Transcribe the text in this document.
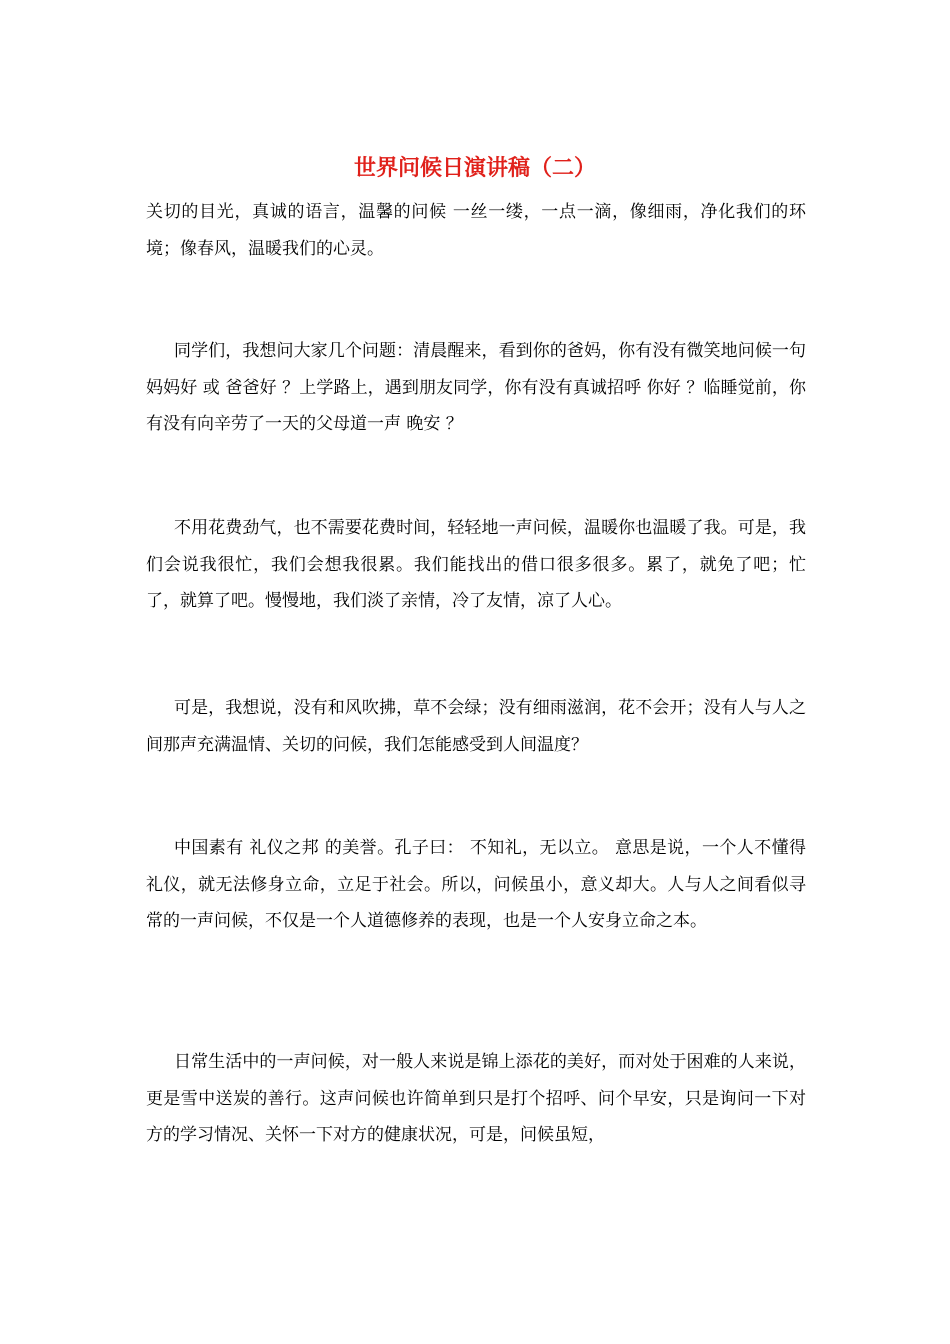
世界问候日演讲稿（二）

关切的目光，真诚的语言，温馨的问候 一丝一缕，一点一滴，像细雨，净化我们的环境；像春风，温暖我们的心灵。

同学们，我想问大家几个问题：清晨醒来，看到你的爸妈，你有没有微笑地问候一句 妈妈好 或 爸爸好 ？上学路上，遇到朋友同学，你有没有真诚招呼 你好 ？临睡觉前，你有没有向辛劳了一天的父母道一声 晚安 ？

不用花费劲气，也不需要花费时间，轻轻地一声问候，温暖你也温暖了我。可是，我们会说我很忙，我们会想我很累。我们能找出的借口很多很多。累了，就免了吧；忙了，就算了吧。慢慢地，我们淡了亲情，冷了友情，凉了人心。

可是，我想说，没有和风吹拂，草不会绿；没有细雨滋润，花不会开；没有人与人之间那声充满温情、关切的问候，我们怎能感受到人间温度？

中国素有 礼仪之邦 的美誉。孔子曰： 不知礼，无以立。 意思是说，一个人不懂得礼仪，就无法修身立命，立足于社会。所以，问候虽小，意义却大。人与人之间看似寻常的一声问候，不仅是一个人道德修养的表现，也是一个人安身立命之本。

日常生活中的一声问候，对一般人来说是锦上添花的美好，而对处于困难的人来说，更是雪中送炭的善行。这声问候也许简单到只是打个招呼、问个早安，只是询问一下对方的学习情况、关怀一下对方的健康状况，可是，问候虽短，
